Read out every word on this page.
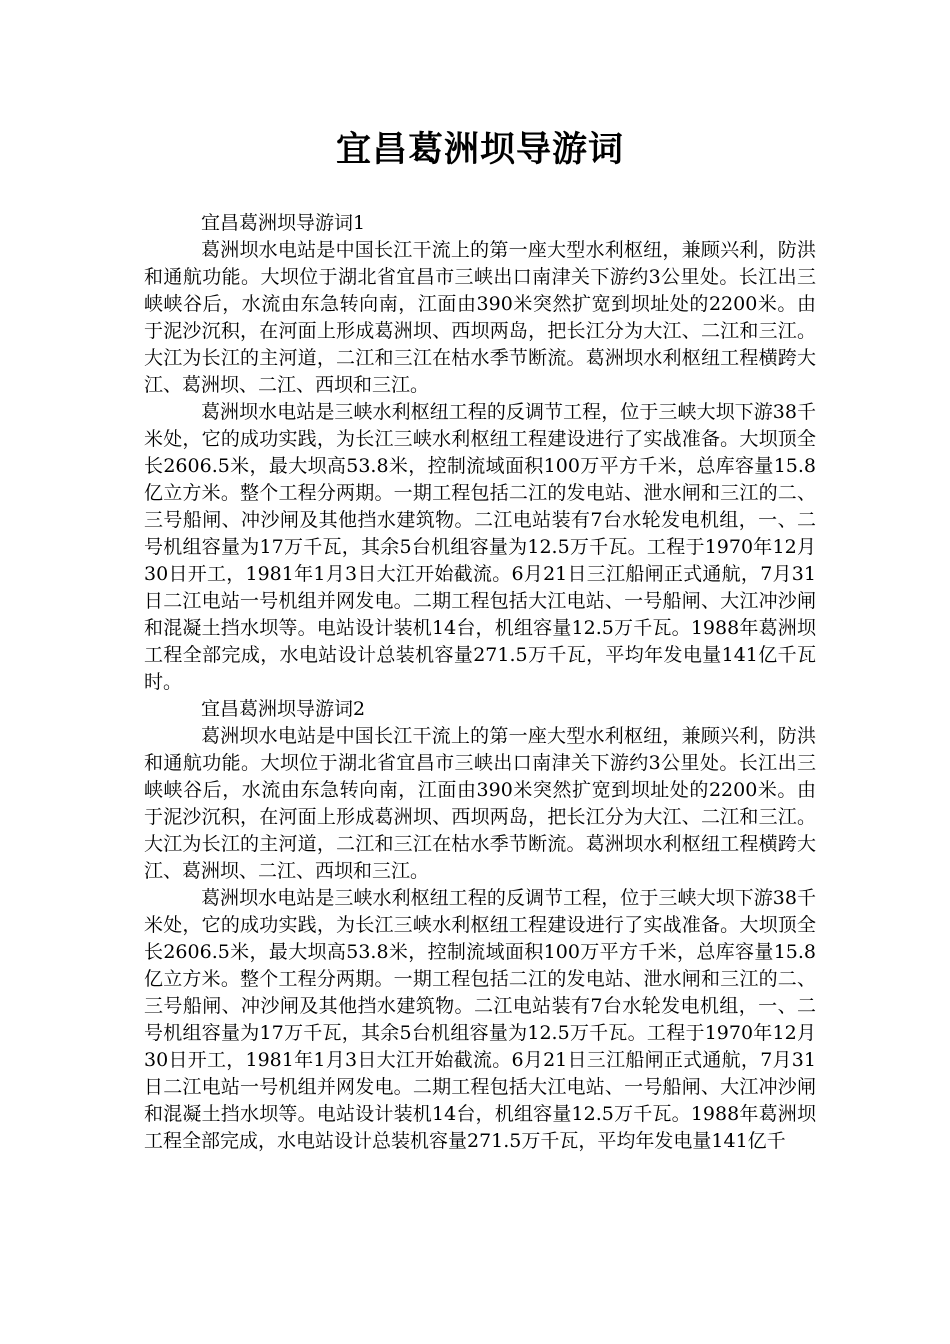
宜昌葛洲坝导游词

宜昌葛洲坝导游词1

葛洲坝水电站是中国长江干流上的第一座大型水利枢纽，兼顾兴利，防洪和通航功能。大坝位于湖北省宜昌市三峡出口南津关下游约3公里处。长江出三峡峡谷后，水流由东急转向南，江面由390米突然扩宽到坝址处的2200米。由于泥沙沉积，在河面上形成葛洲坝、西坝两岛，把长江分为大江、二江和三江。大江为长江的主河道，二江和三江在枯水季节断流。葛洲坝水利枢纽工程横跨大江、葛洲坝、二江、西坝和三江。

葛洲坝水电站是三峡水利枢纽工程的反调节工程，位于三峡大坝下游38千米处，它的成功实践，为长江三峡水利枢纽工程建设进行了实战准备。大坝顶全长2606.5米，最大坝高53.8米，控制流域面积100万平方千米，总库容量15.8亿立方米。整个工程分两期。一期工程包括二江的发电站、泄水闸和三江的二、三号船闸、冲沙闸及其他挡水建筑物。二江电站装有7台水轮发电机组，一、二号机组容量为17万千瓦，其余5台机组容量为12.5万千瓦。工程于1970年12月30日开工，1981年1月3日大江开始截流。6月21日三江船闸正式通航，7月31日二江电站一号机组并网发电。二期工程包括大江电站、一号船闸、大江冲沙闸和混凝土挡水坝等。电站设计装机14台，机组容量12.5万千瓦。1988年葛洲坝工程全部完成，水电站设计总装机容量271.5万千瓦，平均年发电量141亿千瓦时。

宜昌葛洲坝导游词2

葛洲坝水电站是中国长江干流上的第一座大型水利枢纽，兼顾兴利，防洪和通航功能。大坝位于湖北省宜昌市三峡出口南津关下游约3公里处。长江出三峡峡谷后，水流由东急转向南，江面由390米突然扩宽到坝址处的2200米。由于泥沙沉积，在河面上形成葛洲坝、西坝两岛，把长江分为大江、二江和三江。大江为长江的主河道，二江和三江在枯水季节断流。葛洲坝水利枢纽工程横跨大江、葛洲坝、二江、西坝和三江。

葛洲坝水电站是三峡水利枢纽工程的反调节工程，位于三峡大坝下游38千米处，它的成功实践，为长江三峡水利枢纽工程建设进行了实战准备。大坝顶全长2606.5米，最大坝高53.8米，控制流域面积100万平方千米，总库容量15.8亿立方米。整个工程分两期。一期工程包括二江的发电站、泄水闸和三江的二、三号船闸、冲沙闸及其他挡水建筑物。二江电站装有7台水轮发电机组，一、二号机组容量为17万千瓦，其余5台机组容量为12.5万千瓦。工程于1970年12月30日开工，1981年1月3日大江开始截流。6月21日三江船闸正式通航，7月31日二江电站一号机组并网发电。二期工程包括大江电站、一号船闸、大江冲沙闸和混凝土挡水坝等。电站设计装机14台，机组容量12.5万千瓦。1988年葛洲坝工程全部完成，水电站设计总装机容量271.5万千瓦，平均年发电量141亿千
